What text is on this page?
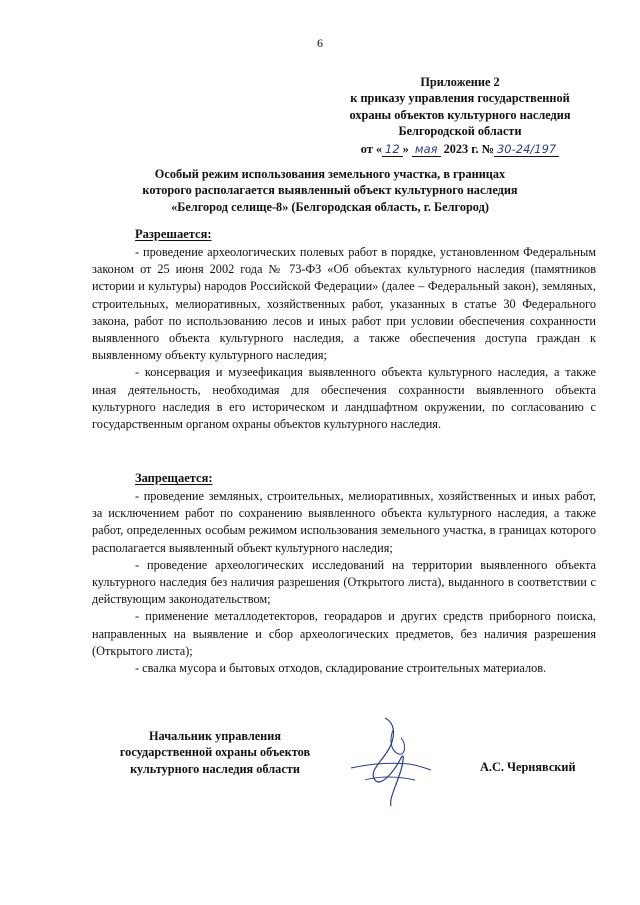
6
Приложение 2
к приказу управления государственной
охраны объектов культурного наследия
Белгородской области
от « 12 » мая 2023 г. № 30-24/197
Особый режим использования земельного участка, в границах
которого располагается выявленный объект культурного наследия
«Белгород селище-8» (Белгородская область, г. Белгород)
Разрешается:

- проведение археологических полевых работ в порядке, установленном Федеральным законом от 25 июня 2002 года № 73-ФЗ «Об объектах культурного наследия (памятников истории и культуры) народов Российской Федерации» (далее – Федеральный закон), земляных, строительных, мелиоративных, хозяйственных работ, указанных в статье 30 Федерального закона, работ по использованию лесов и иных работ при условии обеспечения сохранности выявленного объекта культурного наследия, а также обеспечения доступа граждан к выявленному объекту культурного наследия;

- консервация и музеефикация выявленного объекта культурного наследия, а также иная деятельность, необходимая для обеспечения сохранности выявленного объекта культурного наследия в его историческом и ландшафтном окружении, по согласованию с государственным органом охраны объектов культурного наследия.

Запрещается:

- проведение земляных, строительных, мелиоративных, хозяйственных и иных работ, за исключением работ по сохранению выявленного объекта культурного наследия, а также работ, определенных особым режимом использования земельного участка, в границах которого располагается выявленный объект культурного наследия;

- проведение археологических исследований на территории выявленного объекта культурного наследия без наличия разрешения (Открытого листа), выданного в соответствии с действующим законодательством;

- применение металлодетекторов, георадаров и других средств приборного поиска, направленных на выявление и сбор археологических предметов, без наличия разрешения (Открытого листа);

- свалка мусора и бытовых отходов, складирование строительных материалов.

Начальник управления
государственной охраны объектов
культурного наследия области	А.С. Чернявский
